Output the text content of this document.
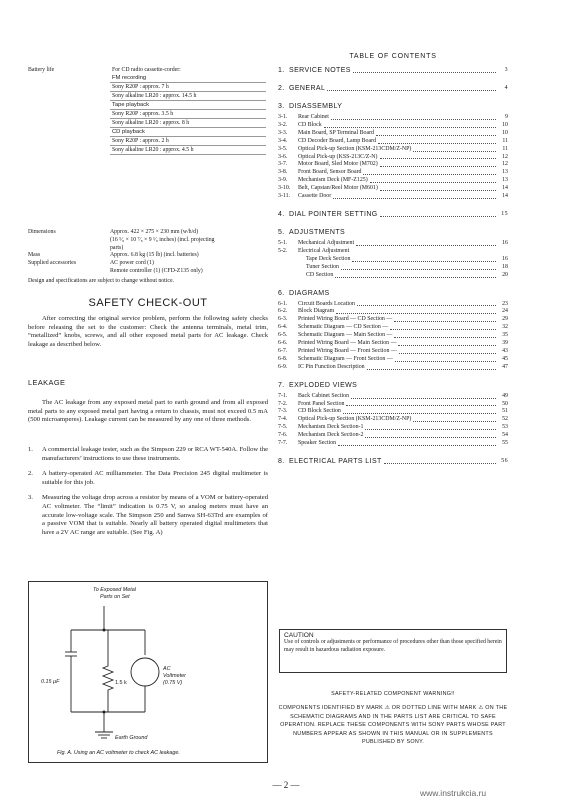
Battery life	For CD radio cassette-corder:
FM recording
Sony R20P : approx. 7 h
Sony alkaline LR20 : approx. 14.5 h
Tape playback
Sony R20P : approx. 3.5 h
Sony alkaline LR20 : approx. 8 h
CD playback
Sony R20P : approx. 2 h
Sony alkaline LR20 : approx. 4.5 h
Dimensions	Approx. 422 × 275 × 230 mm (w/h/d)
(16 ⁵⁄₈ × 10 ⁷⁄₈ × 9 ¹⁄₈ inches) (incl. projecting
parts)
Mass	Approx. 6.8 kg (15 lb) (incl. batteries)
Supplied accessories	AC power cord (1)
Remote controller (1) (CFD-Z135 only)
Design and specifications are subject to change without notice.
SAFETY CHECK-OUT
After correcting the original service problem, perform the following safety checks before releasing the set to the customer: Check the antenna terminals, metal trim, “metallized” knobs, screws, and all other exposed metal parts for AC leakage. Check leakage as described below.
LEAKAGE
The AC leakage from any exposed metal part to earth ground and from all exposed metal parts to any exposed metal part having a return to chassis, must not exceed 0.5 mA (500 microamperes). Leakage current can be measured by any one of three methods.
1.	A commercial leakage tester, such as the Simpson 229 or RCA WT-540A. Follow the manufacturers’ instructions to use these instruments.
2.	A battery-operated AC milliammeter. The Data Precision 245 digital multimeter is suitable for this job.
3.	Measuring the voltage drop across a resistor by means of a VOM or battery-operated AC voltmeter. The “limit” indication is 0.75 V, so analog meters must have an accurate low-voltage scale. The Simpson 250 and Sanwa SH-63Trd are examples of a passive VOM that is suitable. Nearly all battery operated digital multimeters that have a 2V AC range are suitable. (See Fig. A)
To Exposed Metal
Parts on Set
0.15 µF	1.5 k
AC
Voltmeter
(0.75 V)
Earth Ground
Fig. A. Using an AC voltmeter to check AC leakage.
TABLE OF CONTENTS
1. SERVICE NOTES	3
2. GENERAL	4
3. DISASSEMBLY
3-1.	Rear Cabinet	9
3-2.	CD Block	10
3-3.	Main Board, SP Terminal Board	10
3-4.	CD Decoder Board, Lamp Board	11
3-5.	Optical Pick-up Section (KSM-213CDM/Z-NP)	11
3-6.	Optical Pick-up (KSS-213C/Z-N)	12
3-7.	Motor Board, Sled Motor (M702)	12
3-8.	Front Board, Sensor Board	13
3-9.	Mechanism Deck (MF-Z125)	13
3-10.	Belt, Capstan/Reel Motor (M601)	14
3-11.	Cassette Door	14
4. DIAL POINTER SETTING	15
5. ADJUSTMENTS
5-1.	Mechanical Adjustment	16
5-2.	Electrical Adjustment
Tape Deck Section	16
Tuner Section	18
CD Section	20
6. DIAGRAMS
6-1.	Circuit Boards Location	23
6-2.	Block Diagram	24
6-3.	Printed Wiring Board — CD Section —	29
6-4.	Schematic Diagram — CD Section —	32
6-5.	Schematic Diagram — Main Section —	35
6-6.	Printed Wiring Board — Main Section —	39
6-7.	Printed Wiring Board — Front Section —	43
6-8.	Schematic Diagram — Front Section —	45
6-9.	IC Pin Function Description	47
7. EXPLODED VIEWS
7-1.	Back Cabinet Section	49
7-2.	Front Panel Section	50
7-3.	CD Block Section	51
7-4.	Optical Pick-up Section (KSM-213CDM/Z-NP)	52
7-5.	Mechanism Deck Section-1	53
7-6.	Mechanism Deck Section-2	54
7-7.	Speaker Section	55
8. ELECTRICAL PARTS LIST	56
CAUTION
Use of controls or adjustments or performance of procedures other than those specified herein may result in hazardous radiation exposure.
SAFETY-RELATED COMPONENT WARNING!!
COMPONENTS IDENTIFIED BY MARK ⚠ OR DOTTED LINE WITH MARK ⚠ ON THE SCHEMATIC DIAGRAMS AND IN THE PARTS LIST ARE CRITICAL TO SAFE OPERATION. REPLACE THESE COMPONENTS WITH SONY PARTS WHOSE PART NUMBERS APPEAR AS SHOWN IN THIS MANUAL OR IN SUPPLEMENTS PUBLISHED BY SONY.
— 2 —
www.instrukcia.ru
